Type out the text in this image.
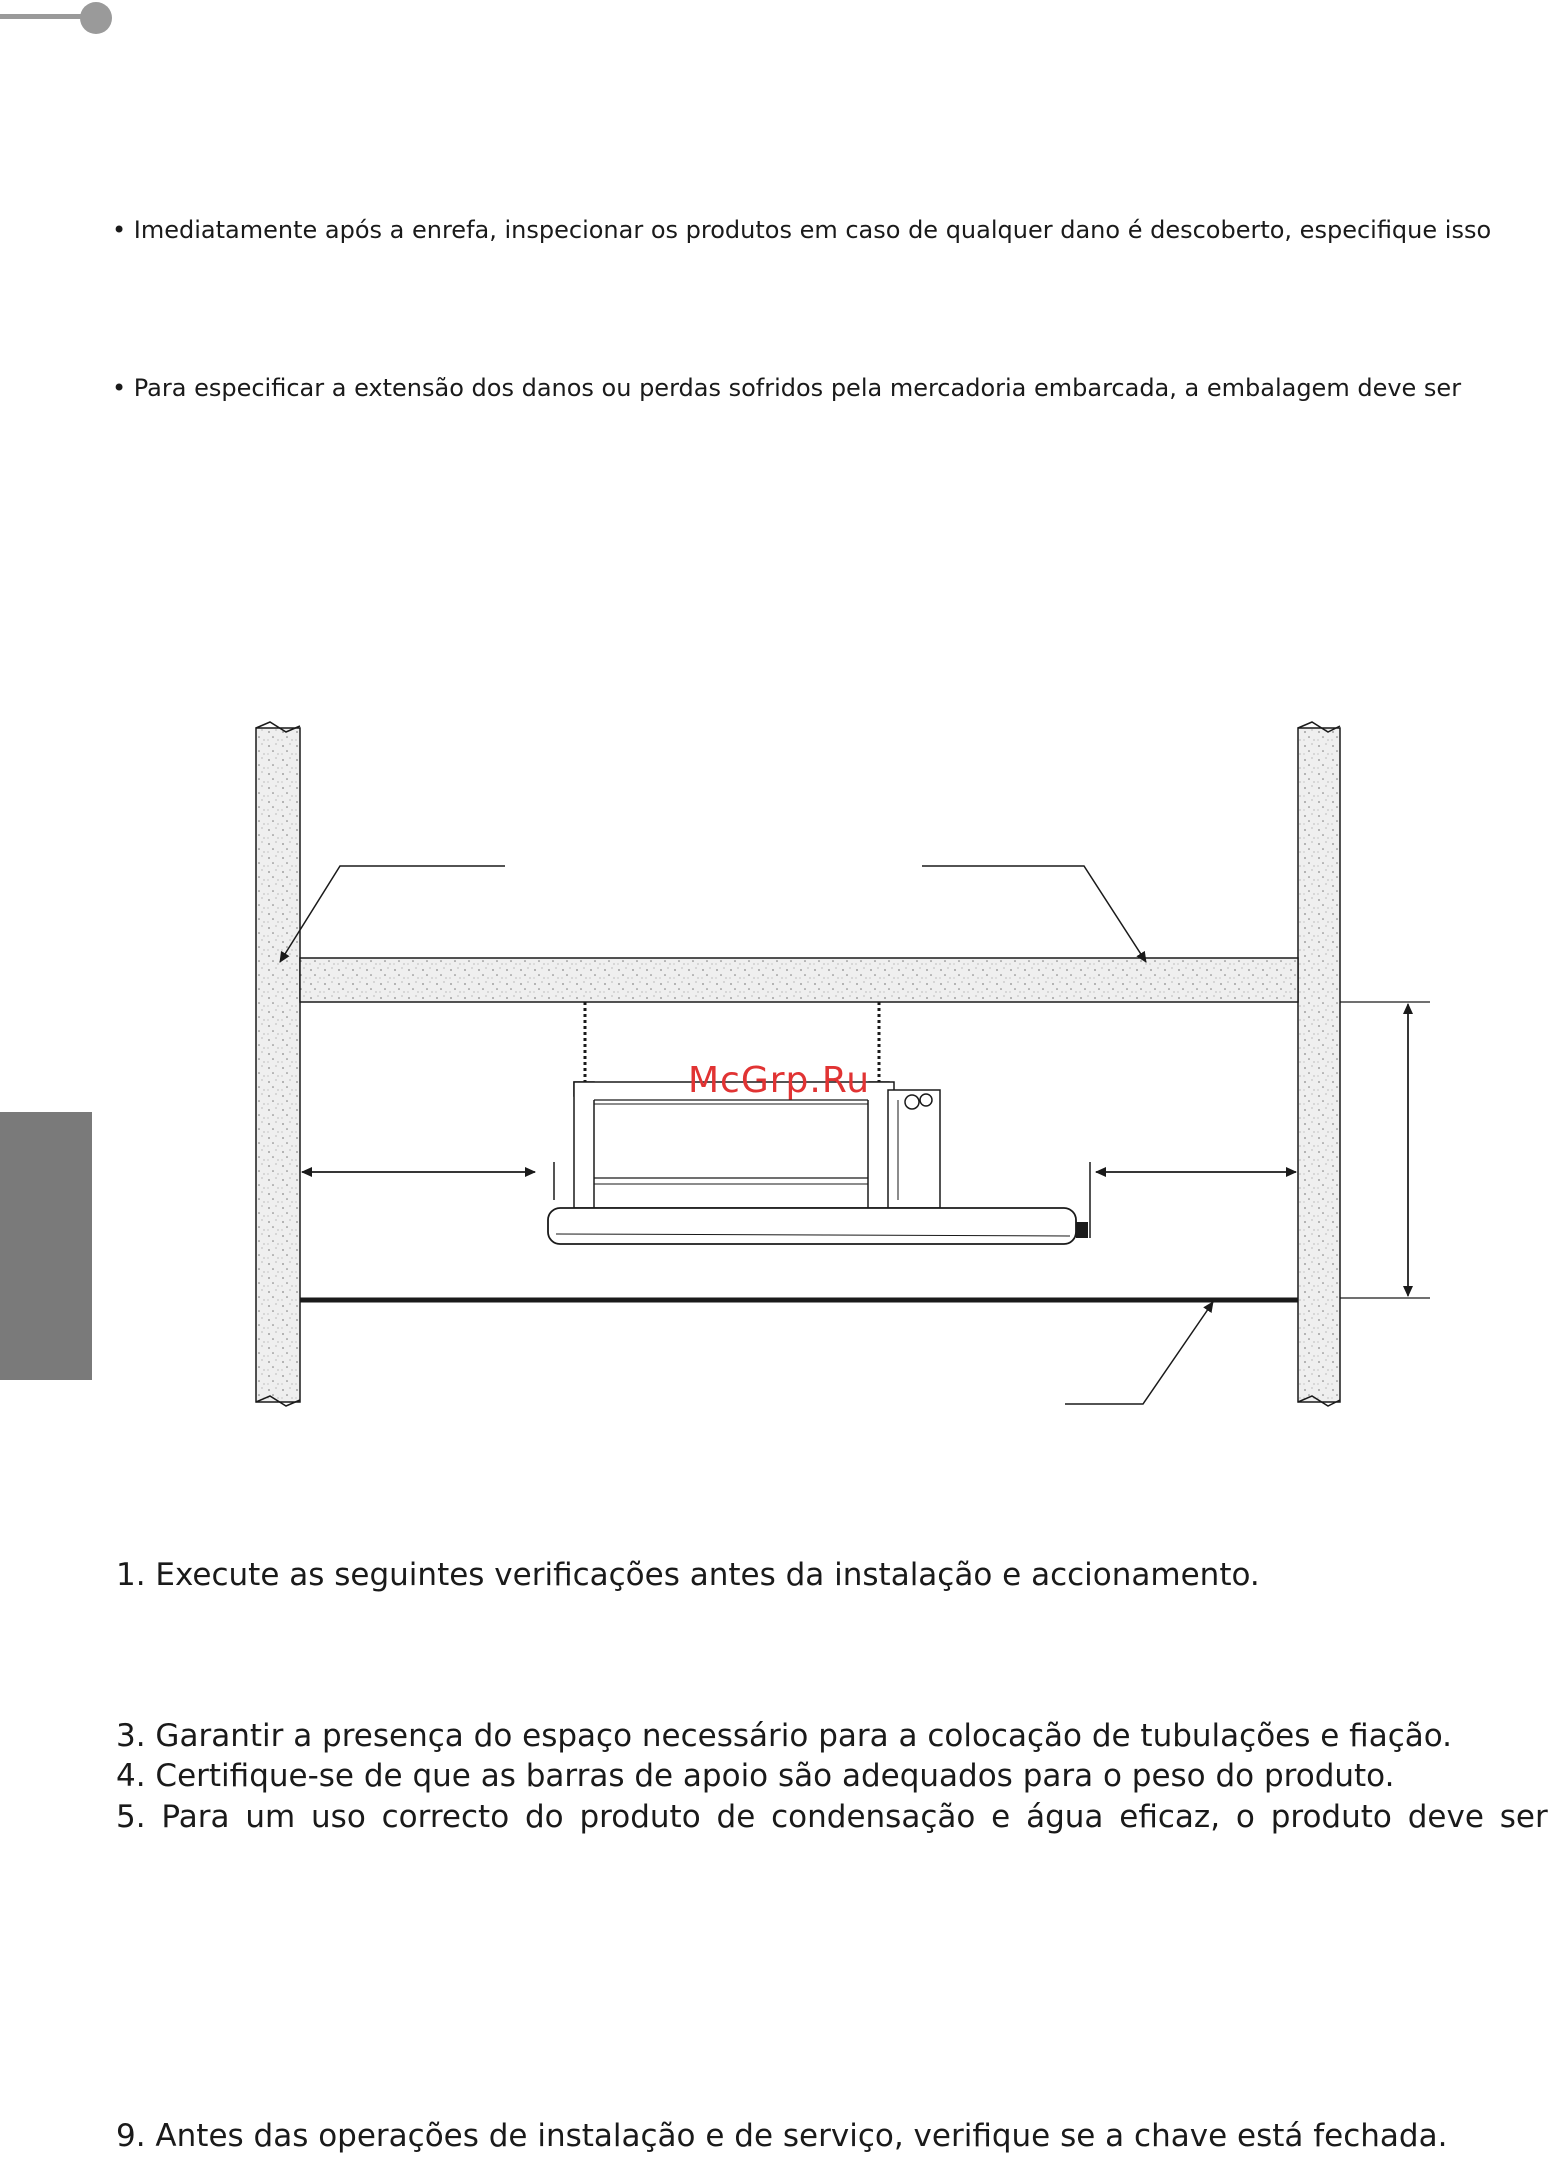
• Imediatamente após a enrefa, inspecionar os produtos em caso de qualquer dano é descoberto, especifique isso
• Para especificar a extensão dos danos ou perdas sofridos pela mercadoria embarcada, a embalagem deve ser
McGrp.Ru
1. Execute as seguintes verificações antes da instalação e accionamento.
3. Garantir a presença do espaço necessário para a colocação de tubulações e fiação.
4. Certifique-se de que as barras de apoio são adequados para o peso do produto.
5. Para um uso correcto do produto de condensação e água eficaz, o produto deve ser
9. Antes das operações de instalação e de serviço, verifique se a chave está fechada.
